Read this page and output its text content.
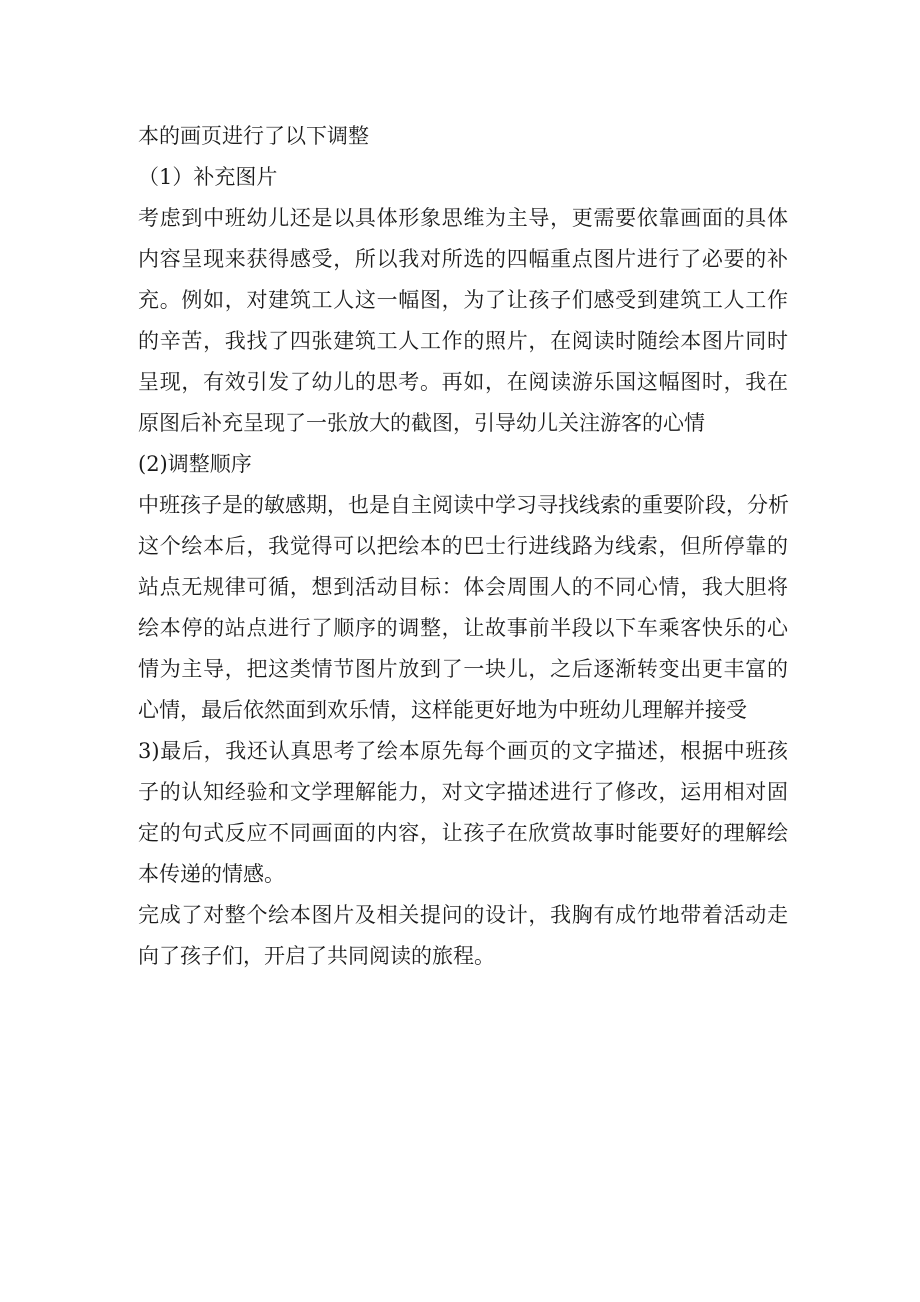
本的画页进行了以下调整
（1）补充图片
考虑到中班幼儿还是以具体形象思维为主导，更需要依靠画面的具体
内容呈现来获得感受，所以我对所选的四幅重点图片进行了必要的补
充。例如，对建筑工人这一幅图，为了让孩子们感受到建筑工人工作
的辛苦，我找了四张建筑工人工作的照片，在阅读时随绘本图片同时
呈现，有效引发了幼儿的思考。再如，在阅读游乐国这幅图时，我在
原图后补充呈现了一张放大的截图，引导幼儿关注游客的心情
(2)调整顺序
中班孩子是的敏感期，也是自主阅读中学习寻找线索的重要阶段，分析
这个绘本后，我觉得可以把绘本的巴士行进线路为线索，但所停靠的
站点无规律可循，想到活动目标：体会周围人的不同心情，我大胆将
绘本停的站点进行了顺序的调整，让故事前半段以下车乘客快乐的心
情为主导，把这类情节图片放到了一块儿，之后逐渐转变出更丰富的
心情，最后依然面到欢乐情，这样能更好地为中班幼儿理解并接受
3)最后，我还认真思考了绘本原先每个画页的文字描述，根据中班孩
子的认知经验和文学理解能力，对文字描述进行了修改，运用相对固
定的句式反应不同画面的内容，让孩子在欣赏故事时能要好的理解绘
本传递的情感。
完成了对整个绘本图片及相关提问的设计，我胸有成竹地带着活动走
向了孩子们，开启了共同阅读的旅程。
